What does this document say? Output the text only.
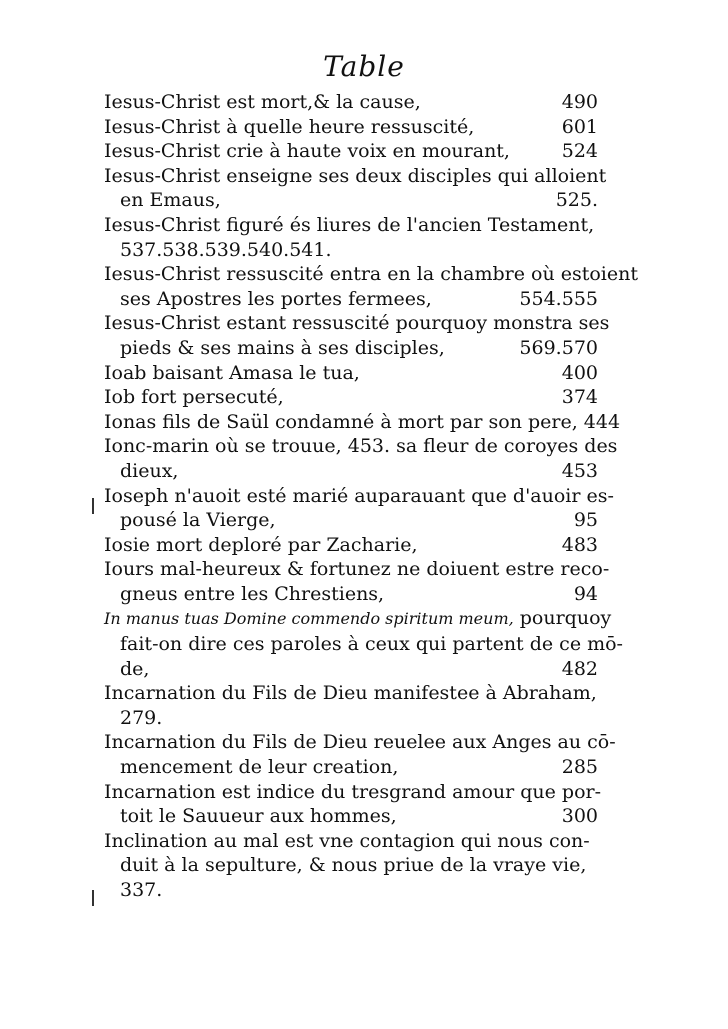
Table
Iesus-Christ est mort,& la cause,	490
Iesus-Christ à quelle heure ressuscité,	601
Iesus-Christ crie à haute voix en mourant,	524
Iesus-Christ enseigne ses deux disciples qui alloient
en Emaus,	525.
Iesus-Christ figuré és liures de l'ancien Testament,
537.538.539.540.541.
Iesus-Christ ressuscité entra en la chambre où estoient
ses Apostres les portes fermees,	554.555
Iesus-Christ estant ressuscité pourquoy monstra ses
pieds & ses mains à ses disciples,	569.570
Ioab baisant Amasa le tua,	400
Iob fort persecuté,	374
Ionas fils de Saül condamné à mort par son pere, 444
Ionc-marin où se trouue, 453. sa fleur de coroyes des
dieux,	453
Ioseph n'auoit esté marié auparauant que d'auoir es-
pousé la Vierge,	95
Iosie mort deploré par Zacharie,	483
Iours mal-heureux & fortunez ne doiuent estre reco-
gneus entre les Chrestiens,	94
In manus tuas Domine commendo spiritum meum, pourquoy
fait-on dire ces paroles à ceux qui partent de ce mō-
de,	482
Incarnation du Fils de Dieu manifestee à Abraham,
279.
Incarnation du Fils de Dieu reuelee aux Anges au cō-
mencement de leur creation,	285
Incarnation est indice du tresgrand amour que por-
toit le Sauueur aux hommes,	300
Inclination au mal est vne contagion qui nous con-
duit à la sepulture, & nous priue de la vraye vie,
337.
